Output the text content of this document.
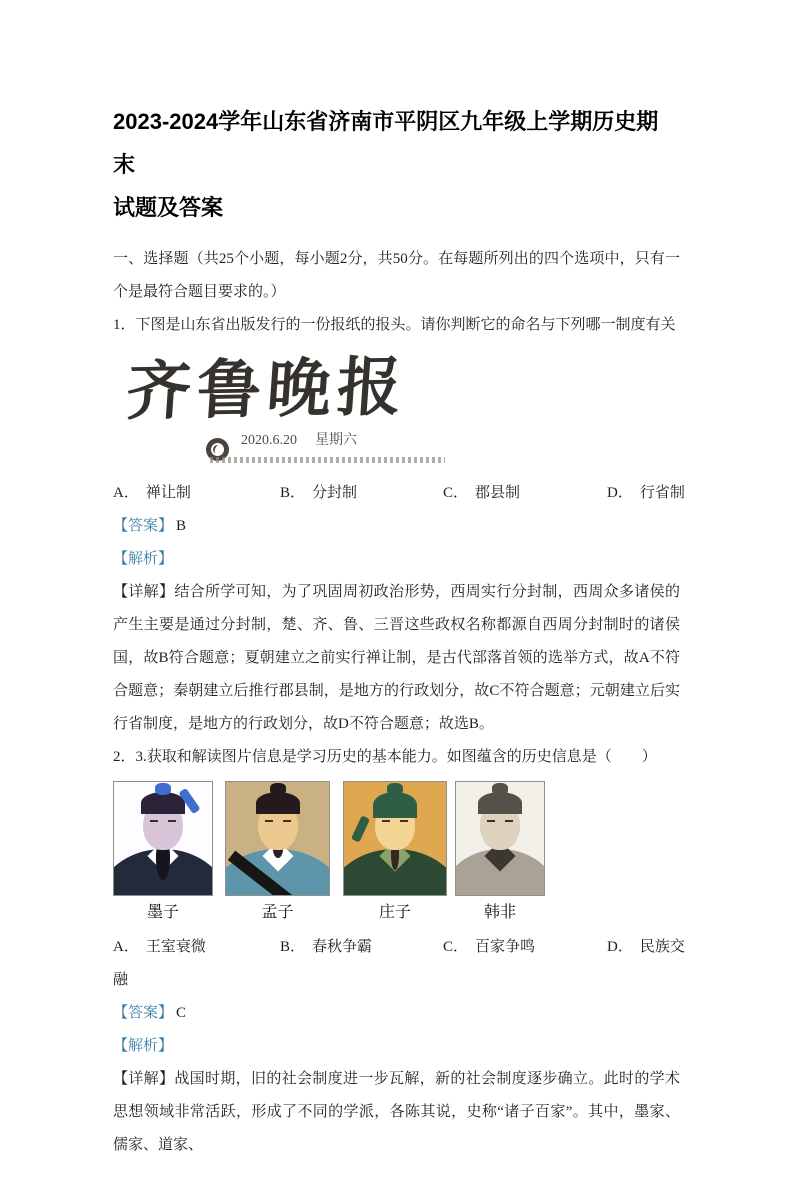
2023-2024学年山东省济南市平阴区九年级上学期历史期末
试题及答案

一、选择题（共25个小题，每小题2分，共50分。在每题所列出的四个选项中，只有一个是最符合题目要求的。）

1．下图是山东省出版发行的一份报纸的报头。请你判断它的命名与下列哪一制度有关

齐鲁晚报
2020.6.20 星期六
A． 禅让制	B． 分封制	C． 郡县制	D． 行省制

【答案】 B

【解析】

【详解】结合所学可知，为了巩固周初政治形势，西周实行分封制，西周众多诸侯的产生主要是通过分封制，楚、齐、鲁、三晋这些政权名称都源自西周分封制时的诸侯国，故B符合题意；夏朝建立之前实行禅让制，是古代部落首领的选举方式，故A不符合题意；秦朝建立后推行郡县制，是地方的行政划分，故C不符合题意；元朝建立后实行省制度，是地方的行政划分，故D不符合题意；故选B。

2．3.获取和解读图片信息是学习历史的基本能力。如图蕴含的历史信息是（　　）

墨子	孟子	庄子	韩非
A． 王室衰微	B． 春秋争霸	C． 百家争鸣	D． 民族交

融

【答案】 C

【解析】

【详解】战国时期，旧的社会制度进一步瓦解，新的社会制度逐步确立。此时的学术思想领域非常活跃，形成了不同的学派，各陈其说，史称“诸子百家”。其中，墨家、儒家、道家、
